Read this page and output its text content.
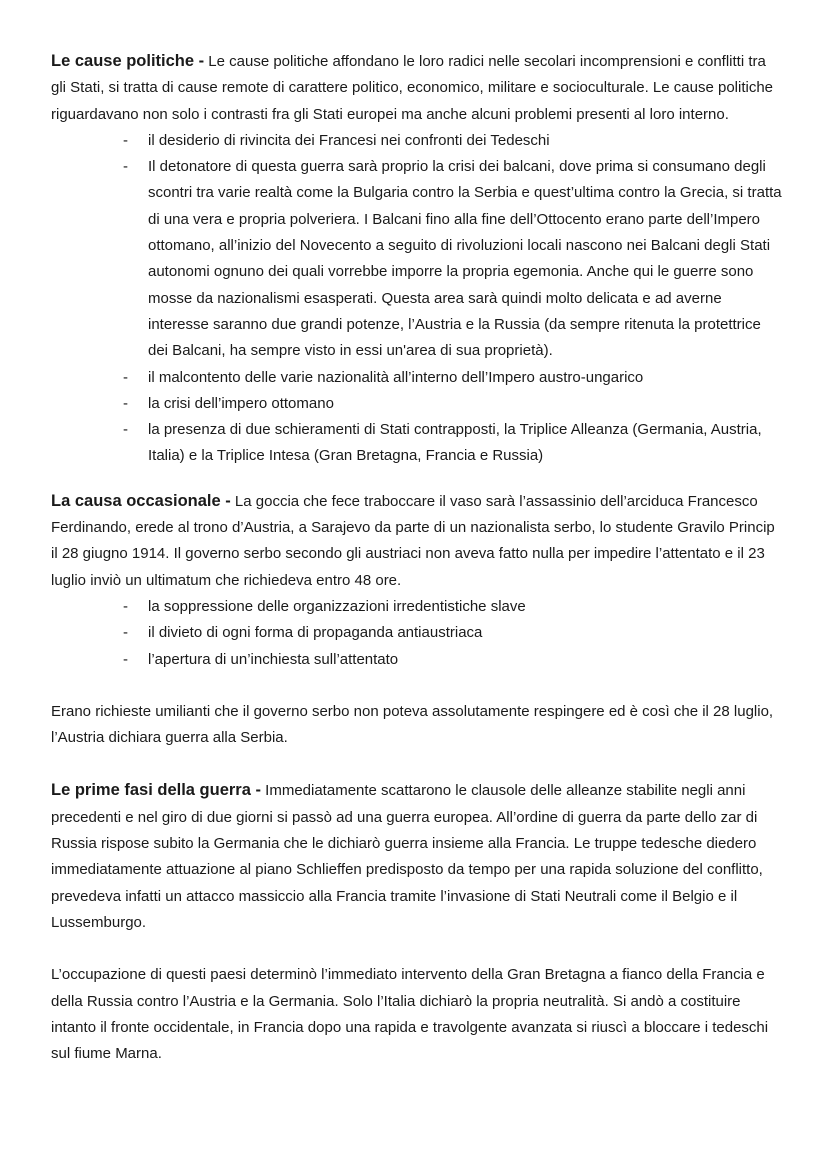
Le cause politiche - Le cause politiche affondano le loro radici nelle secolari incomprensioni e conflitti tra gli Stati, si tratta di cause remote di carattere politico, economico, militare e socioculturale. Le cause politiche riguardavano non solo i contrasti fra gli Stati europei ma anche alcuni problemi presenti al loro interno.

- il desiderio di rivincita dei Francesi nei confronti dei Tedeschi
- Il detonatore di questa guerra sarà proprio la crisi dei balcani, dove prima si consumano degli scontri tra varie realtà come la Bulgaria contro la Serbia e quest’ultima contro la Grecia, si tratta di una vera e propria polveriera. I Balcani fino alla fine dell’Ottocento erano parte dell’Impero ottomano, all’inizio del Novecento a seguito di rivoluzioni locali nascono nei Balcani degli Stati autonomi ognuno dei quali vorrebbe imporre la propria egemonia. Anche qui le guerre sono mosse da nazionalismi esasperati. Questa area sarà quindi molto delicata e ad averne interesse saranno due grandi potenze, l’Austria e la Russia (da sempre ritenuta la protettrice dei Balcani, ha sempre visto in essi un'area di sua proprietà).
- il malcontento delle varie nazionalità all’interno dell’Impero austro-ungarico
- la crisi dell’impero ottomano
- la presenza di due schieramenti di Stati contrapposti, la Triplice Alleanza (Germania, Austria, Italia) e la Triplice Intesa (Gran Bretagna, Francia e Russia)

La causa occasionale - La goccia che fece traboccare il vaso sarà l’assassinio dell’arciduca Francesco Ferdinando, erede al trono d’Austria, a Sarajevo da parte di un nazionalista serbo, lo studente Gravilo Princip il 28 giugno 1914. Il governo serbo secondo gli austriaci non aveva fatto nulla per impedire l’attentato e il 23 luglio inviò un ultimatum che richiedeva entro 48 ore.

- la soppressione delle organizzazioni irredentistiche slave
- il divieto di ogni forma di propaganda antiaustriaca
- l’apertura di un’inchiesta sull’attentato

Erano richieste umilianti che il governo serbo non poteva assolutamente respingere ed è così che il 28 luglio, l’Austria dichiara guerra alla Serbia.

Le prime fasi della guerra - Immediatamente scattarono le clausole delle alleanze stabilite negli anni precedenti e nel giro di due giorni si passò ad una guerra europea. All’ordine di guerra da parte dello zar di Russia rispose subito la Germania che le dichiarò guerra insieme alla Francia. Le truppe tedesche diedero immediatamente attuazione al piano Schlieffen predisposto da tempo per una rapida soluzione del conflitto, prevedeva infatti un attacco massiccio alla Francia tramite l’invasione di Stati Neutrali come il Belgio e il Lussemburgo.

L’occupazione di questi paesi determinò l’immediato intervento della Gran Bretagna a fianco della Francia e della Russia contro l’Austria e la Germania. Solo l’Italia dichiarò la propria neutralità. Si andò a costituire intanto il fronte occidentale, in Francia dopo una rapida e travolgente avanzata si riuscì a bloccare i tedeschi sul fiume Marna.
